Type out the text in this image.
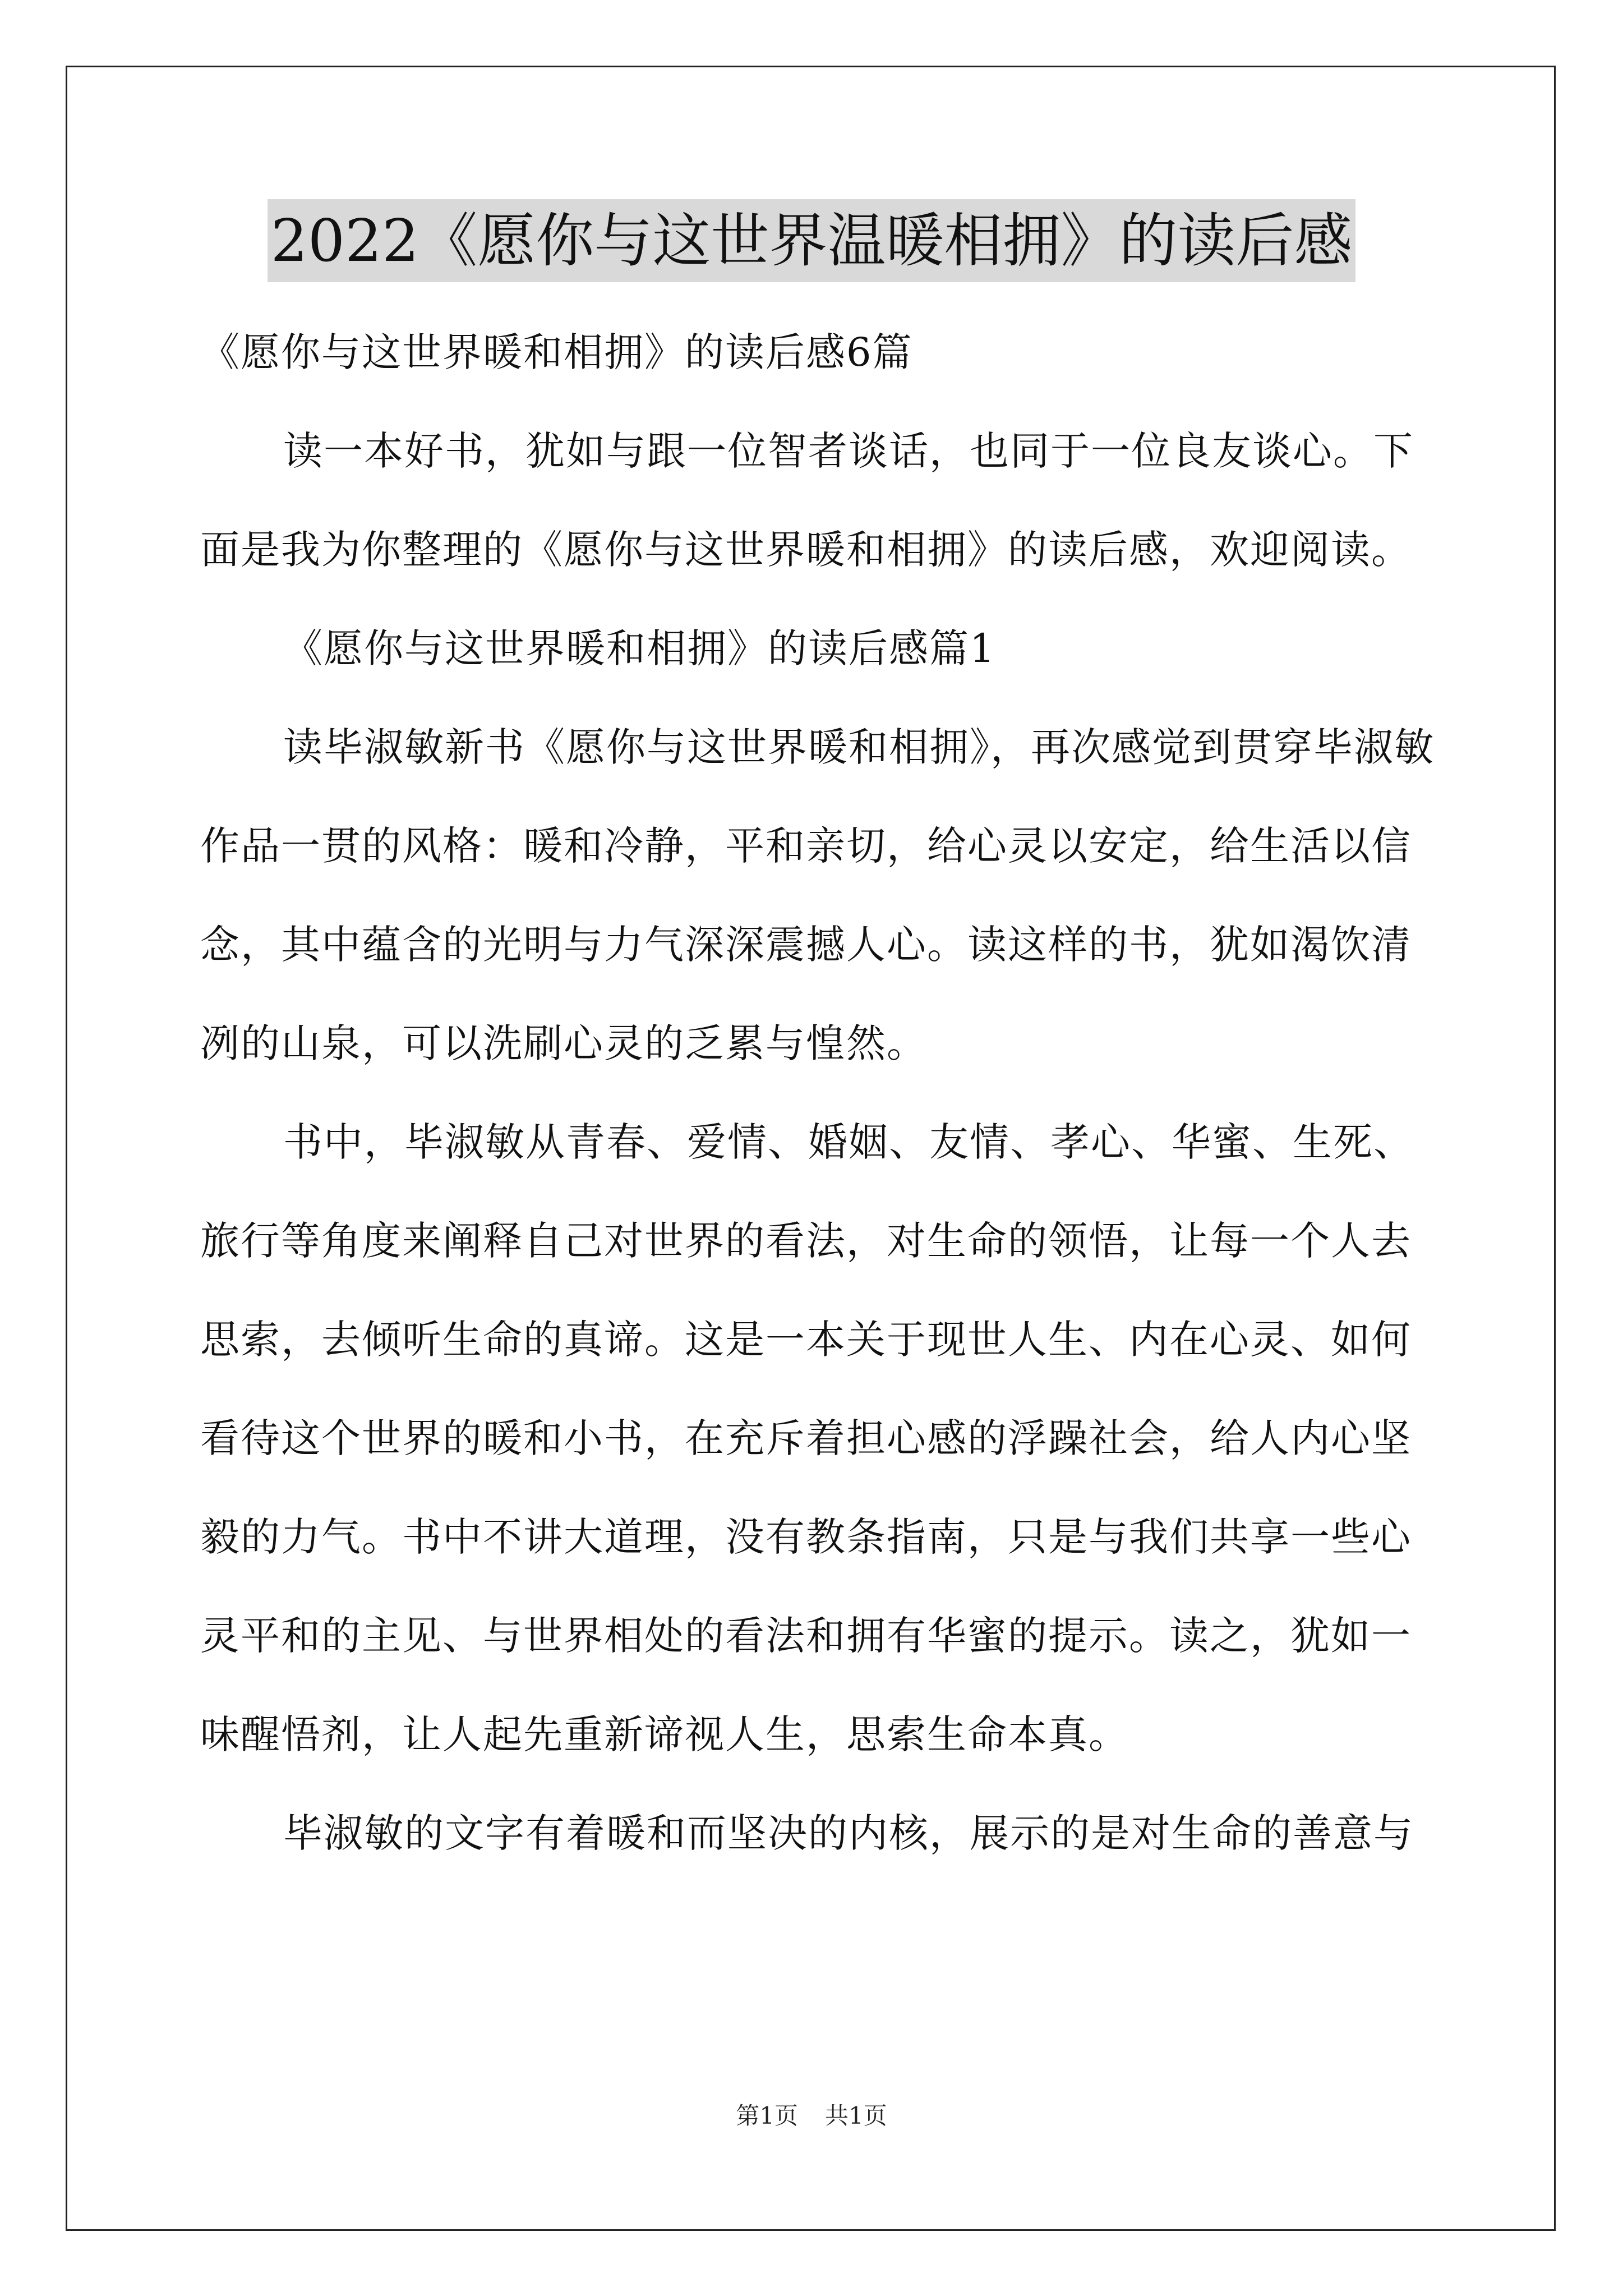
2022《愿你与这世界温暖相拥》的读后感
《愿你与这世界暖和相拥》的读后感6篇
读一本好书，犹如与跟一位智者谈话，也同于一位良友谈心。下
面是我为你整理的《愿你与这世界暖和相拥》的读后感，欢迎阅读。
《愿你与这世界暖和相拥》的读后感篇1
读毕淑敏新书《愿你与这世界暖和相拥》，再次感觉到贯穿毕淑敏
作品一贯的风格：暖和冷静，平和亲切，给心灵以安定，给生活以信
念，其中蕴含的光明与力气深深震撼人心。读这样的书，犹如渴饮清
冽的山泉，可以洗刷心灵的乏累与惶然。
书中，毕淑敏从青春、爱情、婚姻、友情、孝心、华蜜、生死、
旅行等角度来阐释自己对世界的看法，对生命的领悟，让每一个人去
思索，去倾听生命的真谛。这是一本关于现世人生、内在心灵、如何
看待这个世界的暖和小书，在充斥着担心感的浮躁社会，给人内心坚
毅的力气。书中不讲大道理，没有教条指南，只是与我们共享一些心
灵平和的主见、与世界相处的看法和拥有华蜜的提示。读之，犹如一
味醒悟剂，让人起先重新谛视人生，思索生命本真。
毕淑敏的文字有着暖和而坚决的内核，展示的是对生命的善意与
第1页 共1页
